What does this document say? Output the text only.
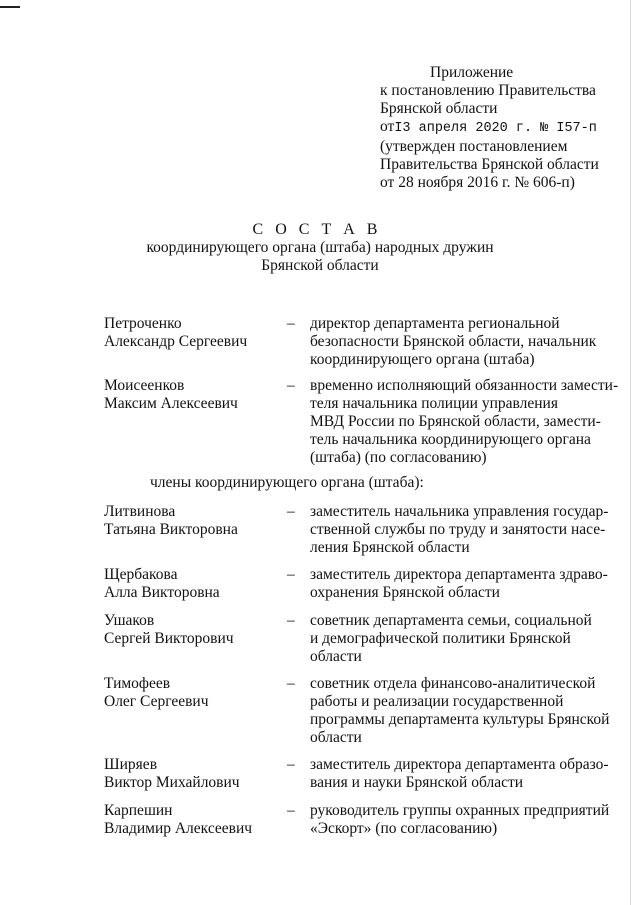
Приложение
к постановлению Правительства
Брянской области
отI3 апреля 2020 г. № I57-п
(утвержден постановлением
Правительства Брянской области
от 28 ноября 2016 г. № 606-п)
С О С Т А В
координирующего органа (штаба) народных дружин
Брянской области
Петроченко
Александр Сергеевич
– директор департамента региональной
безопасности Брянской области, начальник
координирующего органа (штаба)
Моисеенков
Максим Алексеевич
– временно исполняющий обязанности замести-
теля начальника полиции управления
МВД России по Брянской области, замести-
тель начальника координирующего органа
(штаба) (по согласованию)
члены координирующего органа (штаба):
Литвинова
Татьяна Викторовна
– заместитель начальника управления государ-
ственной службы по труду и занятости насе-
ления Брянской области
Щербакова
Алла Викторовна
– заместитель директора департамента здраво-
охранения Брянской области
Ушаков
Сергей Викторович
– советник департамента семьи, социальной
и демографической политики Брянской
области
Тимофеев
Олег Сергеевич
– советник отдела финансово-аналитической
работы и реализации государственной
программы департамента культуры Брянской
области
Ширяев
Виктор Михайлович
– заместитель директора департамента образо-
вания и науки Брянской области
Карпешин
Владимир Алексеевич
– руководитель группы охранных предприятий
«Эскорт» (по согласованию)
